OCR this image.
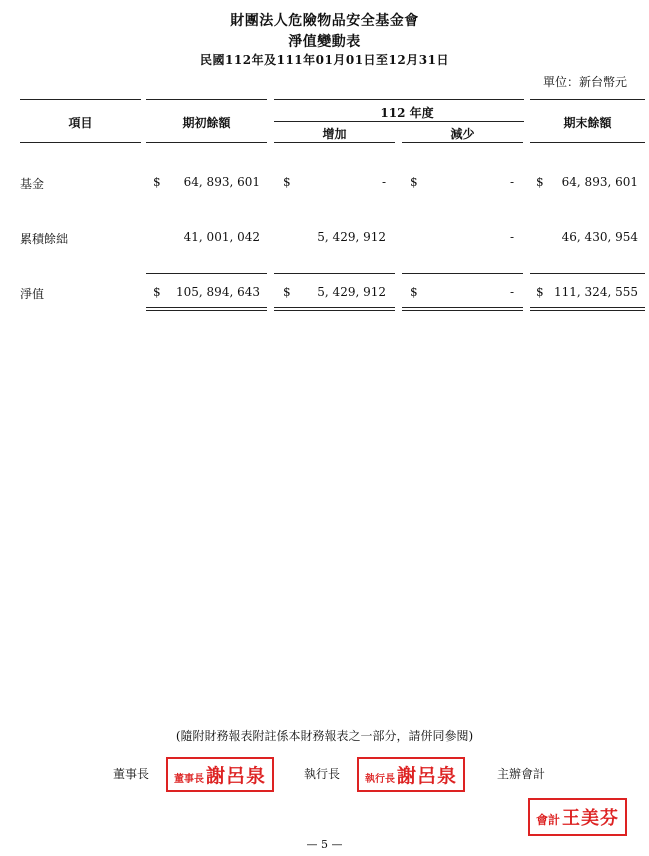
財團法人危險物品安全基金會
淨值變動表
民國112年及111年01月01日至12月31日
單位：新台幣元
112 年度
項目	期初餘額
增加	減少
期末餘額
基金	$	64, 893, 601 $	- $	- $	64, 893, 601
累積餘絀	41, 001, 042	5, 429, 912	-	46, 430, 954
淨值	$	105, 894, 643 $	5, 429, 912 $	- $ 111, 324, 555
(隨附財務報表附註係本財務報表之一部分，請併同參閱)
董事長	董事長 謝呂泉	執行長	執行長 謝呂泉	主辦會計
會計 王美芬
— 5 —
